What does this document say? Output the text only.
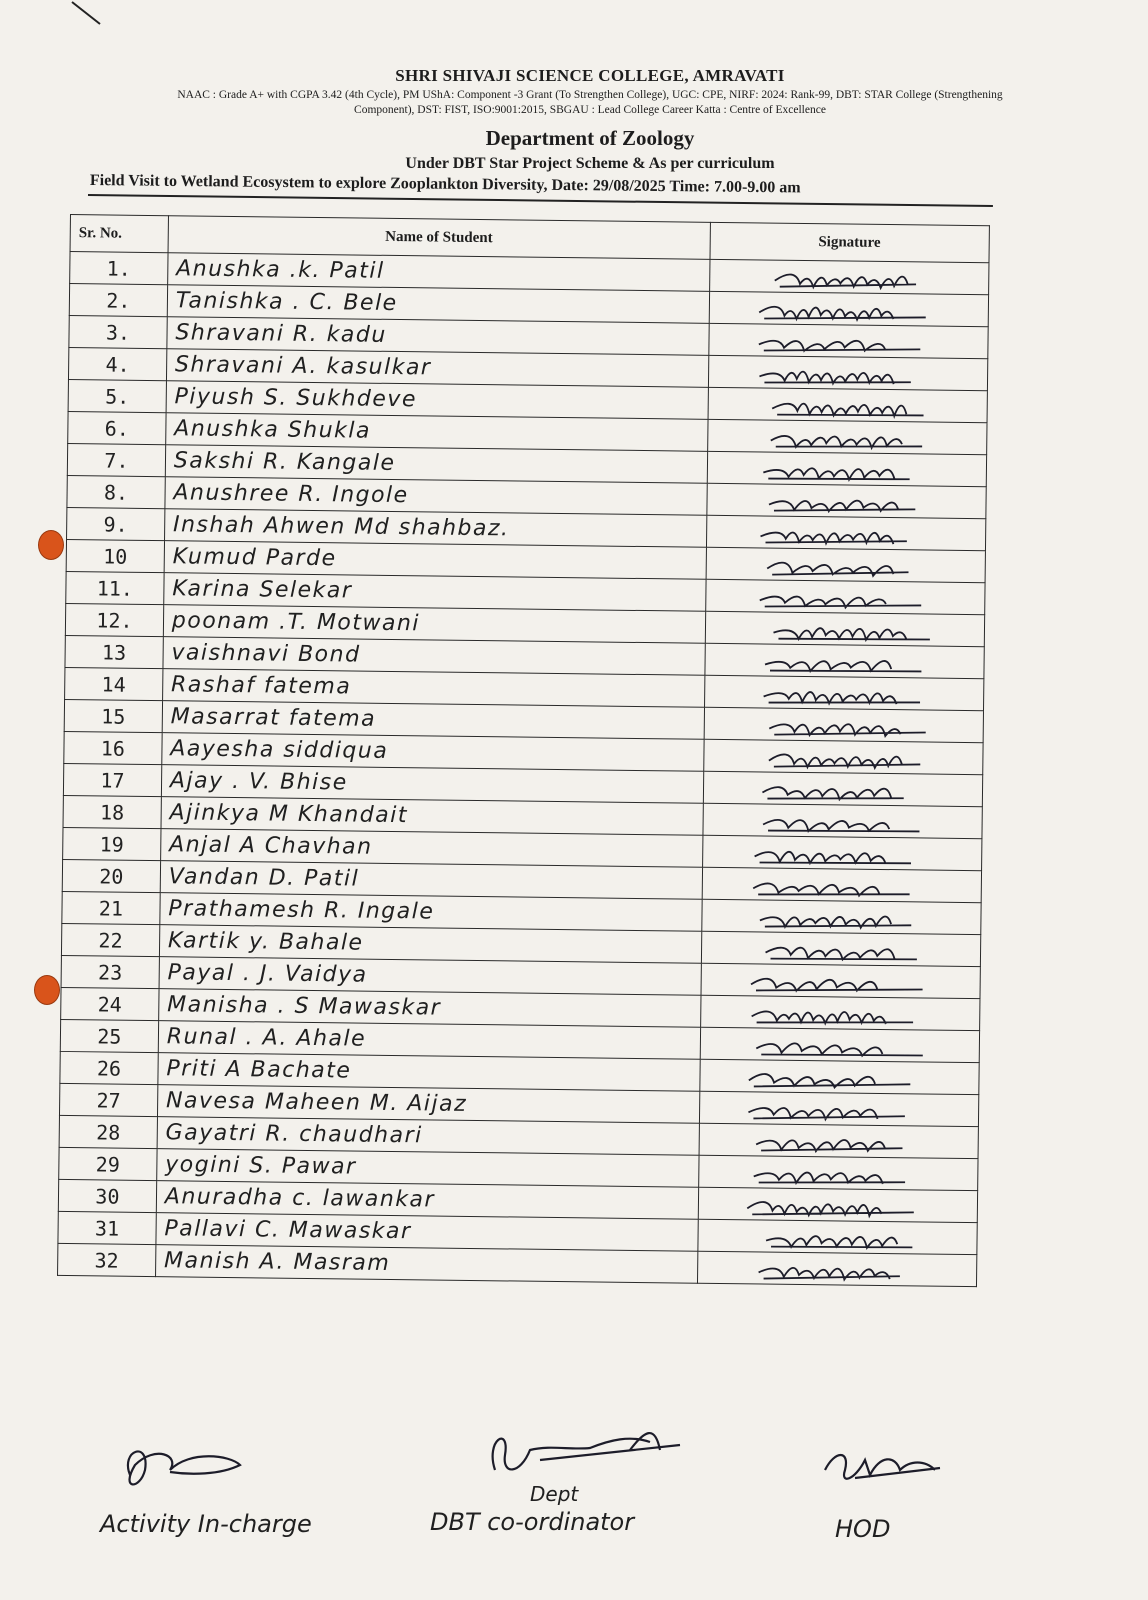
SHRI SHIVAJI SCIENCE COLLEGE, AMRAVATI
NAAC : Grade A+ with CGPA 3.42 (4th Cycle), PM UShA: Component -3 Grant (To Strengthen College), UGC: CPE, NIRF: 2024: Rank-99, DBT: STAR College (Strengthening Component), DST: FIST, ISO:9001:2015, SBGAU : Lead College Career Katta : Centre of Excellence
Department of Zoology
Under DBT Star Project Scheme & As per curriculum
Field Visit to Wetland Ecosystem to explore Zooplankton Diversity, Date: 29/08/2025 Time: 7.00-9.00 am
Sr. No.	Name of Student	Signature
1.	Anushka .k. Patil	

2.	Tanishka . C. Bele	

3.	Shravani R. kadu	

4.	Shravani A. kasulkar	

5.	Piyush S. Sukhdeve	

6.	Anushka Shukla	

7.	Sakshi R. Kangale	

8.	Anushree R. Ingole	

9.	Inshah Ahwen Md shahbaz.	

10	Kumud Parde	

11.	Karina Selekar	

12.	poonam .T. Motwani	

13	vaishnavi Bond	

14	Rashaf fatema	

15	Masarrat fatema	

16	Aayesha siddiqua	

17	Ajay . V. Bhise	

18	Ajinkya M Khandait	

19	Anjal A Chavhan	

20	Vandan D. Patil	

21	Prathamesh R. Ingale	

22	Kartik y. Bahale	

23	Payal . J. Vaidya	

24	Manisha . S Mawaskar	

25	Runal . A. Ahale	

26	Priti A Bachate	

27	Navesa Maheen M. Aijaz	

28	Gayatri R. chaudhari	

29	yogini S. Pawar	

30	Anuradha c. lawankar	

31	Pallavi C. Mawaskar	

32	Manish A. Masram	
Dept
Activity In-charge	DBT co-ordinator	HOD
